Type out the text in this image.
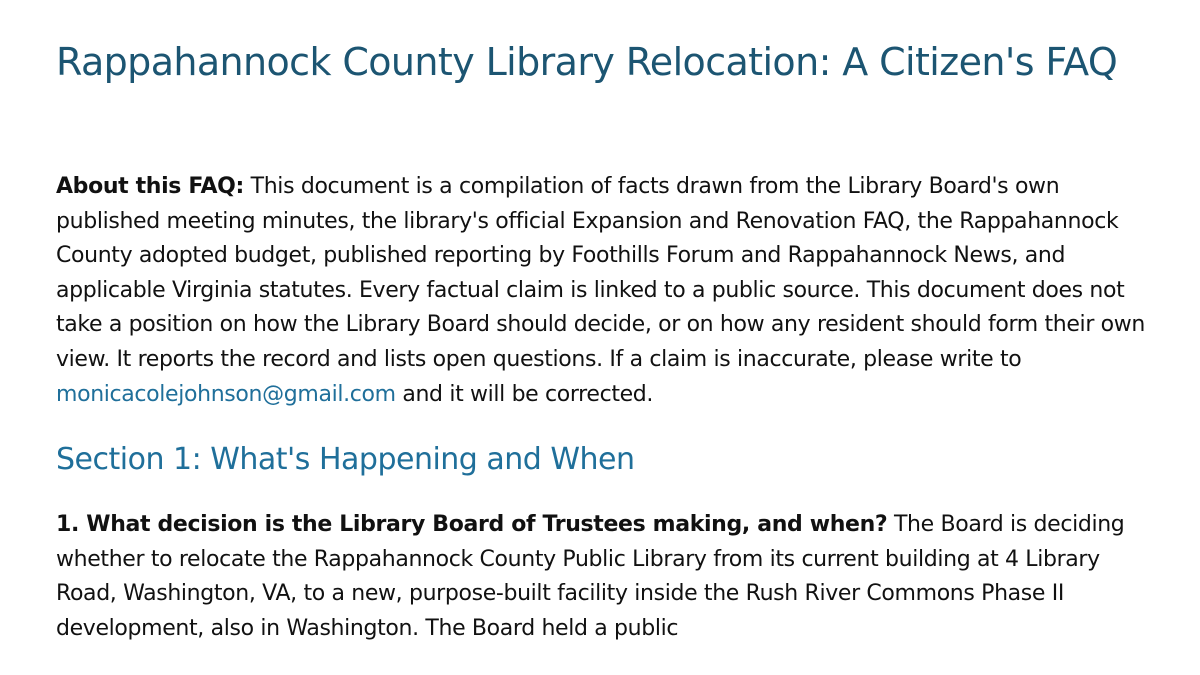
Rappahannock County Library Relocation: A Citizen's FAQ

About this FAQ: This document is a compilation of facts drawn from the Library Board's own published meeting minutes, the library's official Expansion and Renovation FAQ, the Rappahannock County adopted budget, published reporting by Foothills Forum and Rappahannock News, and applicable Virginia statutes. Every factual claim is linked to a public source. This document does not take a position on how the Library Board should decide, or on how any resident should form their own view. It reports the record and lists open questions. If a claim is inaccurate, please write to monicacolejohnson@gmail.com and it will be corrected.

Section 1: What's Happening and When

1. What decision is the Library Board of Trustees making, and when? The Board is deciding whether to relocate the Rappahannock County Public Library from its current building at 4 Library Road, Washington, VA, to a new, purpose-built facility inside the Rush River Commons Phase II development, also in Washington. The Board held a public
